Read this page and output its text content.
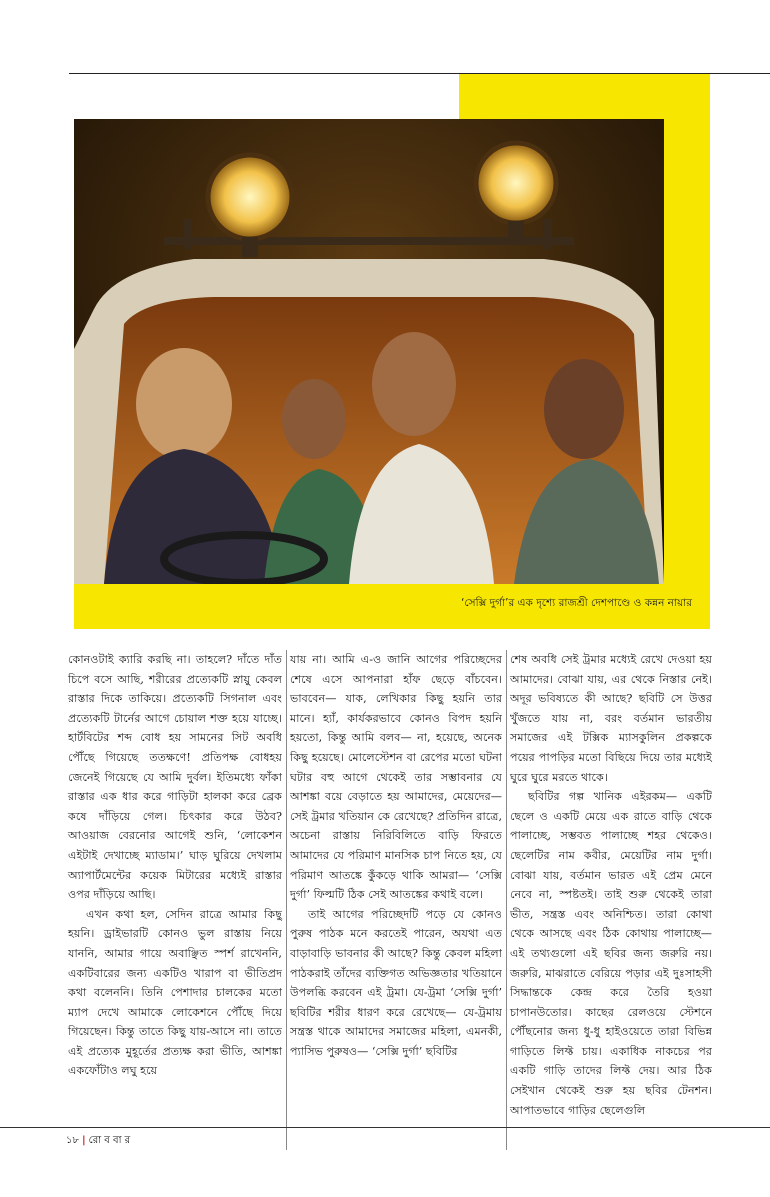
‘সেক্সি দুর্গা’র এক দৃশ্যে রাজশ্রী দেশপাণ্ডে ও কন্নন নায়ার

কোনওটাই ক্যারি করছি না। তাহলে? দাঁতে দাঁত চিপে বসে আছি, শরীরের প্রত্যেকটি স্নায়ু কেবল রাস্তার দিকে তাকিয়ে। প্রত্যেকটি সিগনাল এবং প্রত্যেকটি টার্নের আগে চোয়াল শক্ত হয়ে যাচ্ছে। হার্টবিটের শব্দ বোধ হয় সামনের সিট অবধি পৌঁছে গিয়েছে ততক্ষণে! প্রতিপক্ষ বোধহয় জেনেই গিয়েছে যে আমি দুর্বল। ইতিমধ্যে ফাঁকা রাস্তার এক ধার করে গাড়িটা হালকা করে ব্রেক কষে দাঁড়িয়ে গেল। চিৎকার করে উঠব? আওয়াজ বেরনোর আগেই শুনি, ‘লোকেশন এইটাই দেখাচ্ছে ম্যাডাম।’ ঘাড় ঘুরিয়ে দেখলাম অ্যাপার্টমেন্টের কয়েক মিটারের মধ্যেই রাস্তার ওপর দাঁড়িয়ে আছি।

এখন কথা হল, সেদিন রাত্রে আমার কিছু হয়নি। ড্রাইভারটি কোনও ভুল রাস্তায় নিয়ে যাননি, আমার গায়ে অবাঞ্ছিত স্পর্শ রাখেননি, একটিবারের জন্য একটিও খারাপ বা ভীতিপ্রদ কথা বলেননি। তিনি পেশাদার চালকের মতো ম্যাপ দেখে আমাকে লোকেশনে পৌঁছে দিয়ে গিয়েছেন। কিন্তু তাতে কিছু যায়-আসে না। তাতে এই প্রত্যেক মুহূর্তের প্রত্যক্ষ করা ভীতি, আশঙ্কা একফোঁটাও লঘু হয়ে

যায় না। আমি এ-ও জানি আগের পরিচ্ছেদের শেষে এসে আপনারা হাঁফ ছেড়ে বাঁচবেন। ভাববেন— যাক, লেখিকার কিছু হয়নি তার মানে। হ্যাঁ, কার্যকরভাবে কোনও বিপদ হয়নি হয়তো, কিন্তু আমি বলব— না, হয়েছে, অনেক কিছু হয়েছে। মোলেস্টেশন বা রেপের মতো ঘটনা ঘটার বহু আগে থেকেই তার সম্ভাবনার যে আশঙ্কা বয়ে বেড়াতে হয় আমাদের, মেয়েদের— সেই ট্রমার খতিয়ান কে রেখেছে? প্রতিদিন রাত্রে, অচেনা রাস্তায় নিরিবিলিতে বাড়ি ফিরতে আমাদের যে পরিমাণ মানসিক চাপ নিতে হয়, যে পরিমাণ আতঙ্কে কুঁকড়ে থাকি আমরা— ‘সেক্সি দুর্গা’ ফিল্মটি ঠিক সেই আতঙ্কের কথাই বলে।

তাই আগের পরিচ্ছেদটি পড়ে যে কোনও পুরুষ পাঠক মনে করতেই পারেন, অযথা এত বাড়াবাড়ি ভাবনার কী আছে? কিন্তু কেবল মহিলা পাঠকরাই তাঁদের ব্যক্তিগত অভিজ্ঞতার খতিয়ানে উপলব্ধি করবেন এই ট্রমা। যে-ট্রমা ‘সেক্সি দুর্গা’ ছবিটির শরীর ধারণ করে রেখেছে— যে-ট্রমায় সন্ত্রস্ত থাকে আমাদের সমাজের মহিলা, এমনকী, প্যাসিভ পুরুষও— ‘সেক্সি দুর্গা’ ছবিটির

শেষ অবধি সেই ট্রমার মধ্যেই রেখে দেওয়া হয় আমাদের। বোঝা যায়, এর থেকে নিস্তার নেই। অদূর ভবিষ্যতে কী আছে? ছবিটি সে উত্তর খুঁজতে যায় না, বরং বর্তমান ভারতীয় সমাজের এই টক্সিক ম্যাসকুলিন প্রকল্পকে পয়ের পাপড়ির মতো বিছিয়ে দিয়ে তার মধ্যেই ঘুরে ঘুরে মরতে থাকে।

ছবিটির গল্প খানিক এইরকম— একটি ছেলে ও একটি মেয়ে এক রাতে বাড়ি থেকে পালাচ্ছে, সম্ভবত পালাচ্ছে শহর থেকেও। ছেলেটির নাম কবীর, মেয়েটির নাম দুর্গা। বোঝা যায়, বর্তমান ভারত এই প্রেম মেনে নেবে না, স্পষ্টতই। তাই শুরু থেকেই তারা ভীত, সন্ত্রস্ত এবং অনিশ্চিত। তারা কোথা থেকে আসছে এবং ঠিক কোথায় পালাচ্ছে— এই তথ্যগুলো এই ছবির জন্য জরুরি নয়। জরুরি, মাঝরাতে বেরিয়ে পড়ার এই দুঃসাহসী সিদ্ধান্তকে কেন্দ্র করে তৈরি হওয়া চাপানউতোর। কাছের রেলওয়ে স্টেশনে পৌঁছনোর জন্য ধু-ধু হাইওয়েতে তারা বিভিন্ন গাড়িতে লিফ্ট চায়। একাধিক নাকচের পর একটি গাড়ি তাদের লিফ্ট দেয়। আর ঠিক সেইখান থেকেই শুরু হয় ছবির টেনশন। আপাতভাবে গাড়ির ছেলেগুলি

১৮ | রো ব বা র
